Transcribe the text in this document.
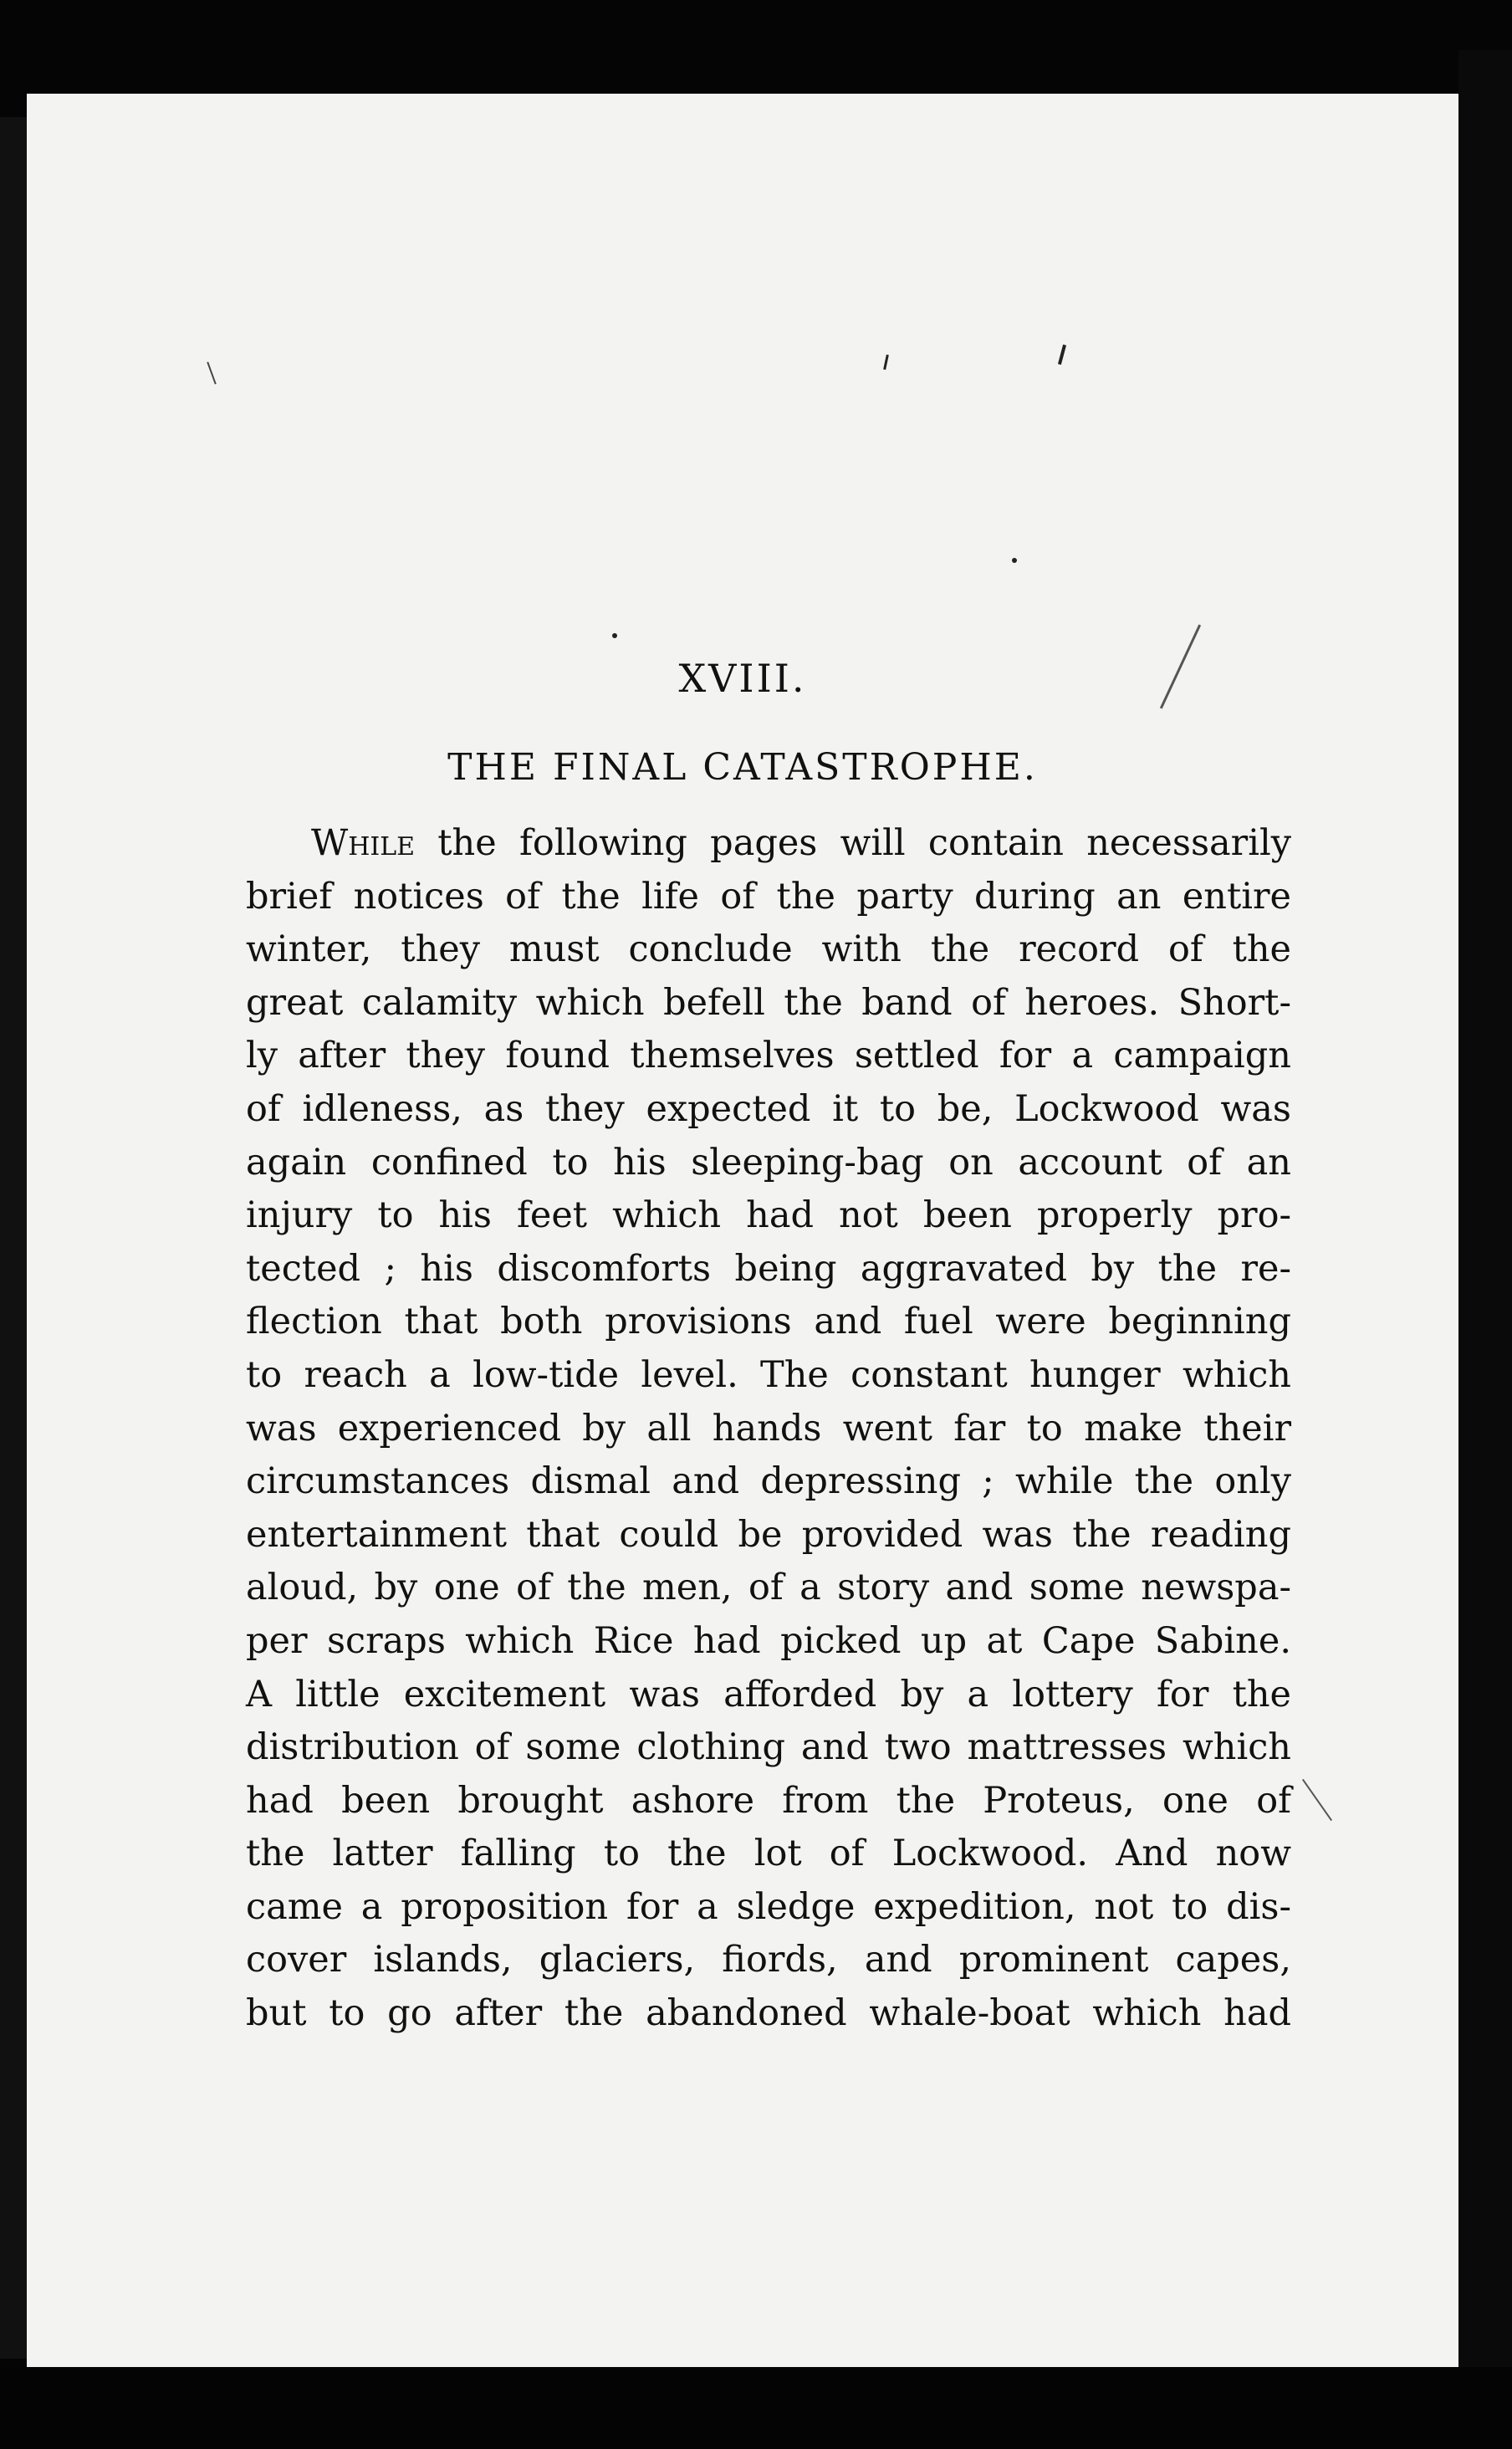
XVIII.
THE FINAL CATASTROPHE.
While the following pages will contain necessarily
brief notices of the life of the party during an entire
winter, they must conclude with the record of the
great calamity which befell the band of heroes. Short-
ly after they found themselves settled for a campaign
of idleness, as they expected it to be, Lockwood was
again confined to his sleeping-bag on account of an
injury to his feet which had not been properly pro-
tected ; his discomforts being aggravated by the re-
flection that both provisions and fuel were beginning
to reach a low-tide level. The constant hunger which
was experienced by all hands went far to make their
circumstances dismal and depressing ; while the only
entertainment that could be provided was the reading
aloud, by one of the men, of a story and some newspa-
per scraps which Rice had picked up at Cape Sabine.
A little excitement was afforded by a lottery for the
distribution of some clothing and two mattresses which
had been brought ashore from the Proteus, one of
the latter falling to the lot of Lockwood. And now
came a proposition for a sledge expedition, not to dis-
cover islands, glaciers, fiords, and prominent capes,
but to go after the abandoned whale-boat which had
